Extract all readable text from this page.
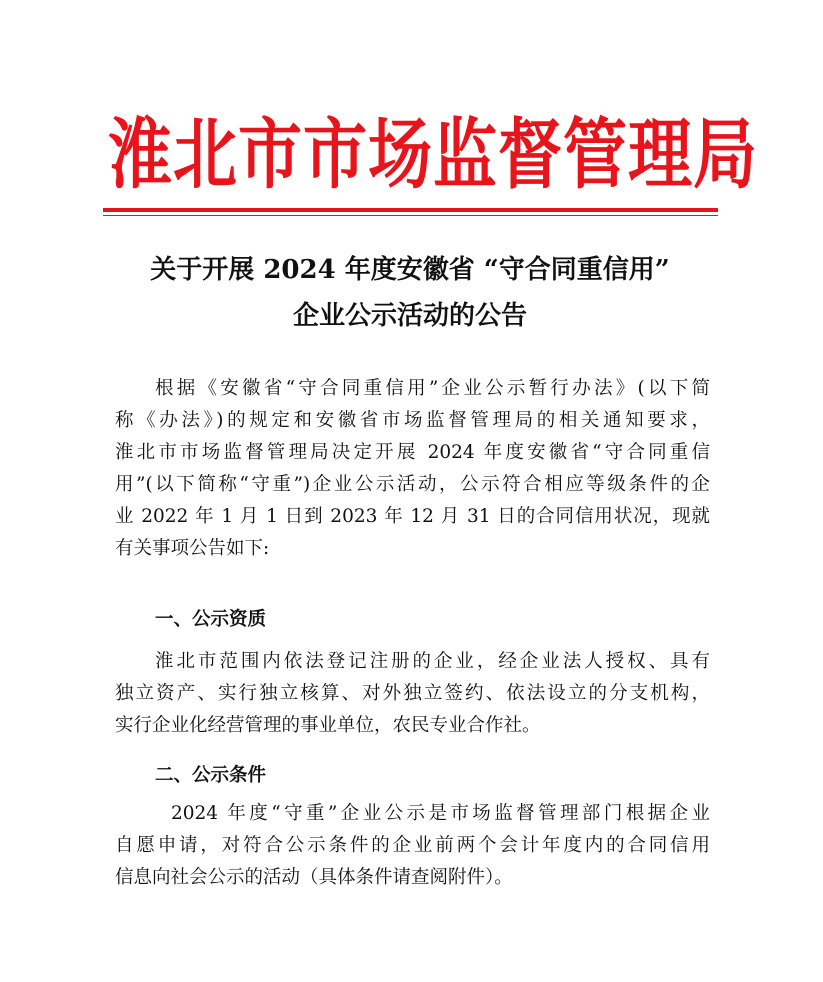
淮北市市场监督管理局
关于开展 2024 年度安徽省 “守合同重信用”
企业公示活动的公告
根据《安徽省“守合同重信用”企业公示暂行办法》(以下简
称《办法》)的规定和安徽省市场监督管理局的相关通知要求，
淮北市市场监督管理局决定开展 2024 年度安徽省“守合同重信
用”(以下简称“守重”)企业公示活动，公示符合相应等级条件的企
业 2022 年 1 月 1 日到 2023 年 12 月 31 日的合同信用状况，现就
有关事项公告如下:
一、公示资质
淮北市范围内依法登记注册的企业，经企业法人授权、具有
独立资产、实行独立核算、对外独立签约、依法设立的分支机构，
实行企业化经营管理的事业单位，农民专业合作社。
二、公示条件
2024 年度“守重”企业公示是市场监督管理部门根据企业
自愿申请，对符合公示条件的企业前两个会计年度内的合同信用
信息向社会公示的活动（具体条件请查阅附件）。
